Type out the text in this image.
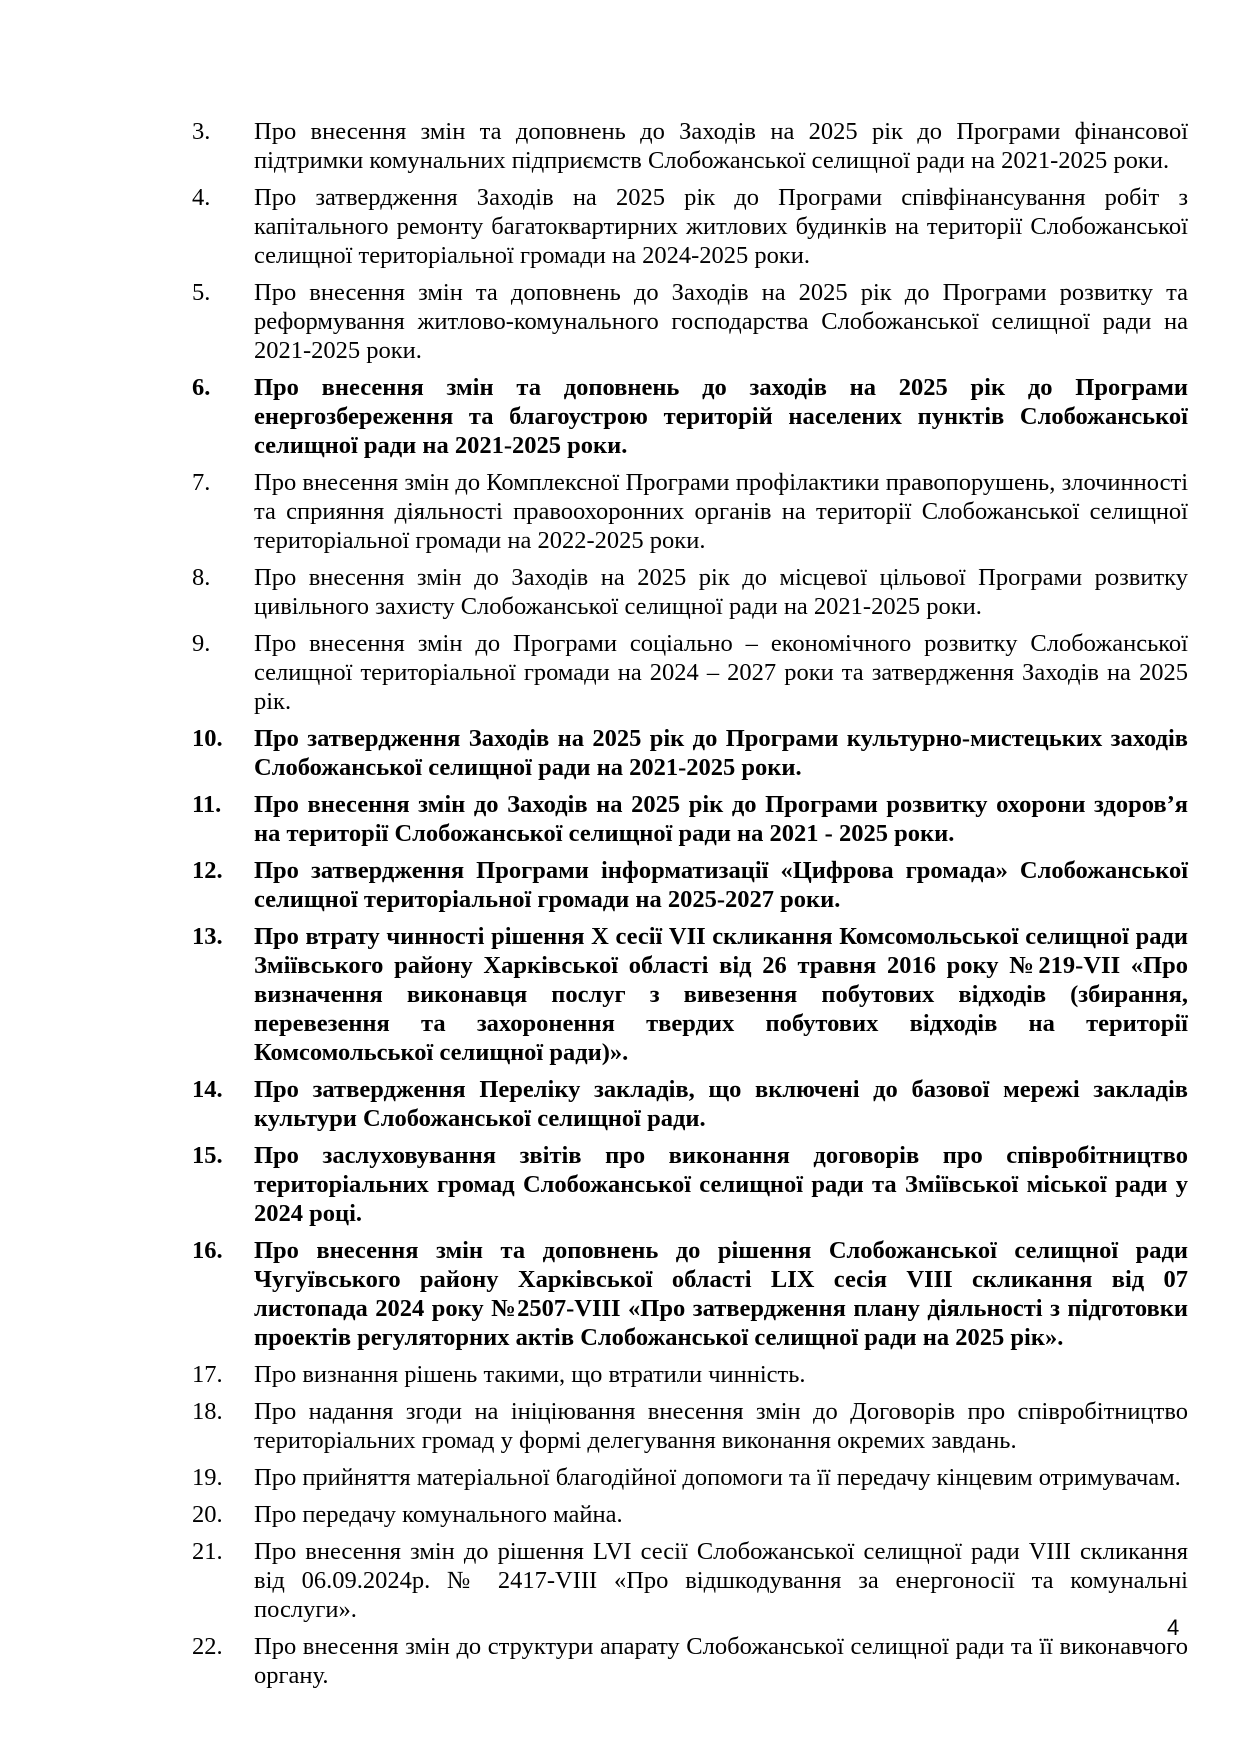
3.	Про внесення змін та доповнень до Заходів на 2025 рік до Програми фінансової підтримки комунальних підприємств Слобожанської селищної ради на 2021-2025 роки.
4.	Про затвердження Заходів на 2025 рік до Програми співфінансування робіт з капітального ремонту багатоквартирних житлових будинків на території Слобожанської селищної територіальної громади на 2024-2025 роки.
5.	Про внесення змін та доповнень до Заходів на 2025 рік до Програми розвитку та реформування житлово-комунального господарства Слобожанської селищної ради на 2021-2025 роки.
6.	Про внесення змін та доповнень до заходів на 2025 рік до Програми енергозбереження та благоустрою територій населених пунктів Слобожанської селищної ради на 2021-2025 роки.
7.	Про внесення змін до Комплексної Програми профілактики правопорушень, злочинності та сприяння діяльності правоохоронних органів на території Слобожанської селищної територіальної громади на 2022-2025 роки.
8.	Про внесення змін до Заходів на 2025 рік до місцевої цільової Програми розвитку цивільного захисту Слобожанської селищної ради на 2021-2025 роки.
9.	Про внесення змін до Програми соціально – економічного розвитку Слобожанської селищної територіальної громади на 2024 – 2027 роки та затвердження Заходів на 2025 рік.
10.	Про затвердження Заходів на 2025 рік до Програми культурно-мистецьких заходів Слобожанської селищної ради на 2021-2025 роки.
11.	Про внесення змін до Заходів на 2025 рік до Програми розвитку охорони здоров’я на території Слобожанської селищної ради на 2021 - 2025 роки.
12.	Про затвердження Програми інформатизації «Цифрова громада» Слобожанської селищної територіальної громади на 2025-2027 роки.
13.	Про втрату чинності рішення X сесії VII скликання Комсомольської селищної ради Зміївського району Харківської області від 26 травня 2016 року №219-VII «Про визначення виконавця послуг з вивезення побутових відходів (збирання, перевезення та захоронення твердих побутових відходів на території Комсомольської селищної ради)».
14.	Про затвердження Переліку закладів, що включені до базової мережі закладів культури Слобожанської селищної ради.
15.	Про заслуховування звітів про виконання договорів про співробітництво територіальних громад Слобожанської селищної ради та Зміївської міської ради у 2024 році.
16.	Про внесення змін та доповнень до рішення Слобожанської селищної ради Чугуївського району Харківської області LIX сесія VIII скликання від 07 листопада 2024 року №2507-VIII «Про затвердження плану діяльності з підготовки проектів регуляторних актів Слобожанської селищної ради на 2025 рік».
17.	Про визнання рішень такими, що втратили чинність.
18.	Про надання згоди на ініціювання внесення змін до Договорів про співробітництво територіальних громад у формі делегування виконання окремих завдань.
19.	Про прийняття матеріальної благодійної допомоги та її передачу кінцевим отримувачам.
20.	Про передачу комунального майна.
21.	Про внесення змін до рішення LVI сесії Слобожанської селищної ради VIII скликання від 06.09.2024р. № 2417-VIII «Про відшкодування за енергоносії та комунальні послуги».
22.	Про внесення змін до структури апарату Слобожанської селищної ради та її виконавчого органу.
4
